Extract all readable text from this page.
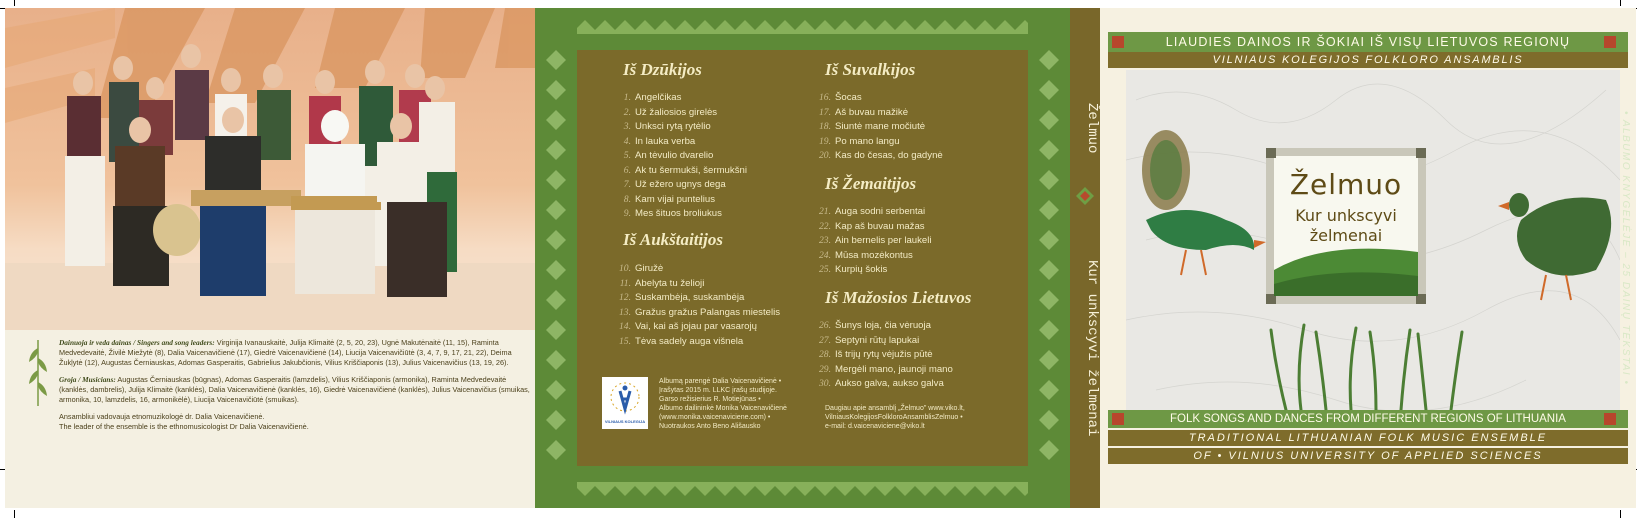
Dainuoja ir veda dainas / Singers and song leaders: Virginija Ivanauskaitė, Julija Klimaitė (2, 5, 20, 23), Ugnė Makutėnaitė (11, 15), Raminta Medvedevaitė, Živilė Miežytė (8), Dalia Vaicenavičienė (17), Giedrė Vaicenavičienė (14), Liucija Vaicenavičiūtė (3, 4, 7, 9, 17, 21, 22), Deima Žukļytė (12), Augustas Černiauskas, Adomas Gasperaitis, Gabrielius Jakubčionis, Vilius Kriščiaponis (13), Julius Vaicenavičius (13, 19, 26).

Groja / Musicians: Augustas Černiauskas (būgnas), Adomas Gasperaitis (lamzdelis), Vilius Kriščiaponis (armonika), Raminta Medvedevaitė (kanklės, dambrelis), Julija Klimaitė (kanklės), Dalia Vaicenavičienė (kanklės, 16), Giedrė Vaicenavičienė (kanklės), Julius Vaicenavičius (smuikas, armonika, 10, lamzdelis, 16, armonikėlė), Liucija Vaicenavičiūtė (smuikas).

Ansambliui vadovauja etnomuzikologė dr. Dalia Vaicenavičienė.

The leader of the ensemble is the ethnomusicologist Dr Dalia Vaicenavičienė.

Iš Dzūkijos
1. Angelčikas
2. Už žaliosios girelės
3. Unksci rytą rytėlio
4. In lauka verba
5. An tėvulio dvarelio
6. Ak tu šermukši, šermukšni
7. Už ežero ugnys dega
8. Kam vijai puntelius
9. Mes šituos broliukus
Iš Aukštaitijos
10. Giružė
11. Abelyta tu želioji
12. Suskambėja, suskambėja
13. Gražus gražus Palangas miestelis
14. Vai, kai aš jojau par vasarojų
15. Tėva sadely auga višnela
Iš Suvalkijos
16. Šocas
17. Aš buvau mažikė
18. Siuntė mane močiutė
19. Po mano langu
20. Kas do česas, do gadynė
Iš Žemaitijos
21. Auga sodni serbentai
22. Kap aš buvau mažas
23. Ain bernelis per laukeli
24. Mūsa mozėkontus
25. Kurpių šokis
Iš Mažosios Lietuvos
26. Šunys loja, čia vėruoja
27. Septyni rūtų lapukai
28. Iš trijų rytų vėjužis pūtė
29. Mergėli mano, jaunoji mano
30. Aukso galva, aukso galva
VILNIAUS KOLEGIJA
Albumą parengė Dalia Vaicenavičienė •
Įrašytas 2015 m. LLKC įrašų studijoje.
Garso režisierius R. Motiejūnas •
Albumo dailininkė Monika Vaicenavičienė
(www.monika.vaicenaviciene.com) •
Nuotraukos Anto Beno Ališausko
Daugiau apie ansamblį „Želmuo" www.viko.lt,
VilniausKolegijosFolkloroAnsamblisZelmuo •
e-mail: d.vaicenaviciene@viko.lt
Želmuo
Kur unkscyvi želmenai
LIAUDIES DAINOS IR ŠOKIAI IŠ VISŲ LIETUVOS REGIONŲ
VILNIAUS KOLEGIJOS FOLKLORO ANSAMBLIS
Želmuo
Kur unkscyvi
želmenai	• ALBUMO KNYGELĖJE – 25 DAINŲ TEKSTAI •
FOLK SONGS AND DANCES FROM DIFFERENT REGIONS OF LITHUANIA
TRADITIONAL LITHUANIAN FOLK MUSIC ENSEMBLE
OF • VILNIUS UNIVERSITY OF APPLIED SCIENCES
